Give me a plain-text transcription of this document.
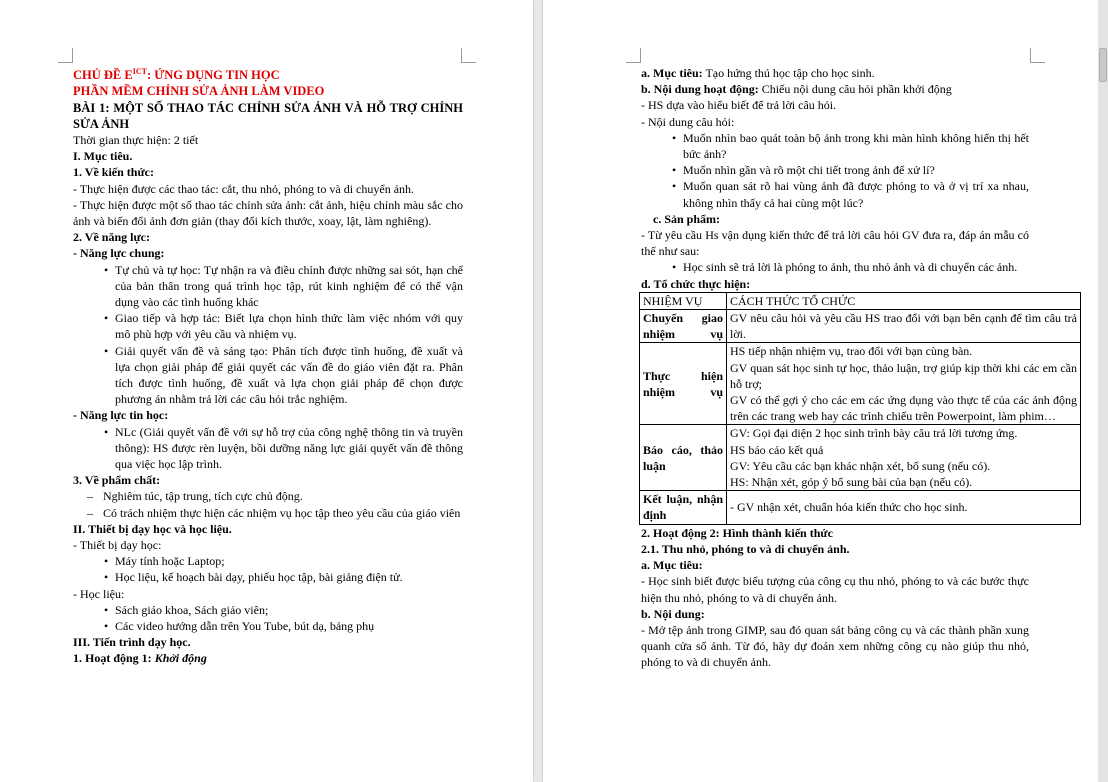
CHỦ ĐỀ $E^{ICT}$: ỨNG DỤNG TIN HỌC

PHẦN MỀM CHỈNH SỬA ẢNH LÀM VIDEO

BÀI 1: MỘT SỐ THAO TÁC CHỈNH SỬA ẢNH VÀ HỖ TRỢ CHỈNH SỬA ẢNH

Thời gian thực hiện: 2 tiết

I. Mục tiêu.

1. Về kiến thức:

- Thực hiện được các thao tác: cắt, thu nhỏ, phóng to và di chuyển ảnh.

- Thực hiện được một số thao tác chỉnh sửa ảnh: cắt ảnh, hiệu chỉnh màu sắc cho ảnh và biến đổi ảnh đơn giản (thay đổi kích thước, xoay, lật, làm nghiêng).

2. Về năng lực:

- Năng lực chung:

• Tự chủ và tự học: Tự nhận ra và điều chỉnh được những sai sót, hạn chế của bản thân trong quá trình học tập, rút kinh nghiệm để có thể vận dụng vào các tình huống khác
• Giao tiếp và hợp tác: Biết lựa chọn hình thức làm việc nhóm với quy mô phù hợp với yêu cầu và nhiệm vụ.
• Giải quyết vấn đề và sáng tạo: Phân tích được tình huống, đề xuất và lựa chọn giải pháp để giải quyết các vấn đề do giáo viên đặt ra. Phân tích được tình huống, đề xuất và lựa chọn giải pháp để chọn được phương án nhằm trả lời các câu hỏi trắc nghiệm.

- Năng lực tin học:

• NLc (Giải quyết vấn đề với sự hỗ trợ của công nghệ thông tin và truyền thông): HS được rèn luyện, bồi dưỡng năng lực giải quyết vấn đề thông qua việc học lập trình.

3. Về phẩm chất:

– Nghiêm túc, tập trung, tích cực chủ động.
– Có trách nhiệm thực hiện các nhiệm vụ học tập theo yêu cầu của giáo viên

II. Thiết bị dạy học và học liệu.

- Thiết bị dạy học:

• Máy tính hoặc Laptop;
• Học liệu, kế hoạch bài dạy, phiếu học tập, bài giảng điện tử.

- Học liệu:

• Sách giáo khoa, Sách giáo viên;
• Các video hướng dẫn trên You Tube, bút dạ, bảng phụ

III. Tiến trình dạy học.

1. Hoạt động 1: Khởi động

a. Mục tiêu: Tạo hứng thú học tập cho học sinh.

b. Nội dung hoạt động: Chiếu nội dung câu hỏi phần khởi động

- HS dựa vào hiểu biết để trả lời câu hỏi.

- Nội dung câu hỏi:

• Muốn nhìn bao quát toàn bộ ảnh trong khi màn hình không hiển thị hết bức ảnh?
• Muốn nhìn gần và rõ một chi tiết trong ảnh để xử lí?
• Muốn quan sát rõ hai vùng ảnh đã được phóng to và ở vị trí xa nhau, không nhìn thấy cả hai cùng một lúc?

c. Sản phẩm:

- Từ yêu cầu Hs vận dụng kiến thức để trả lời câu hỏi GV đưa ra, đáp án mẫu có thể như sau:

• Học sinh sẽ trả lời là phóng to ảnh, thu nhỏ ảnh và di chuyển các ảnh.

d. Tổ chức thực hiện:

NHIỆM VỤ	CÁCH THỨC TỔ CHỨC
Chuyển giao nhiệm vụ	GV nêu câu hỏi và yêu cầu HS trao đổi với bạn bên cạnh để tìm câu trả lời.

Thực hiện nhiệm vụ	HS tiếp nhận nhiệm vụ, trao đổi với bạn cùng bàn.
GV quan sát học sinh tự học, thảo luận, trợ giúp kịp thời khi các em cần hỗ trợ;
GV có thể gợi ý cho các em các ứng dụng vào thực tế của các ảnh động trên các trang web hay các trình chiếu trên Powerpoint, làm phim…

Báo cáo, thảo luận	GV: Gọi đại diện 2 học sinh trình bày câu trả lời tương ứng.
HS báo cáo kết quả
GV: Yêu cầu các bạn khác nhận xét, bổ sung (nếu có).
HS: Nhận xét, góp ý bổ sung bài của bạn (nếu có).

Kết luận, nhận định	- GV nhận xét, chuẩn hóa kiến thức cho học sinh.

2. Hoạt động 2: Hình thành kiến thức

2.1. Thu nhỏ, phóng to và di chuyển ảnh.

a. Mục tiêu:

- Học sinh biết được biểu tượng của công cụ thu nhỏ, phóng to và các bước thực hiện thu nhỏ, phóng to và di chuyển ảnh.

b. Nội dung:

- Mở tệp ảnh trong GIMP, sau đó quan sát bảng công cụ và các thành phần xung quanh cửa sổ ảnh. Từ đó, hãy dự đoán xem những công cụ nào giúp thu nhỏ, phóng to và di chuyển ảnh.
